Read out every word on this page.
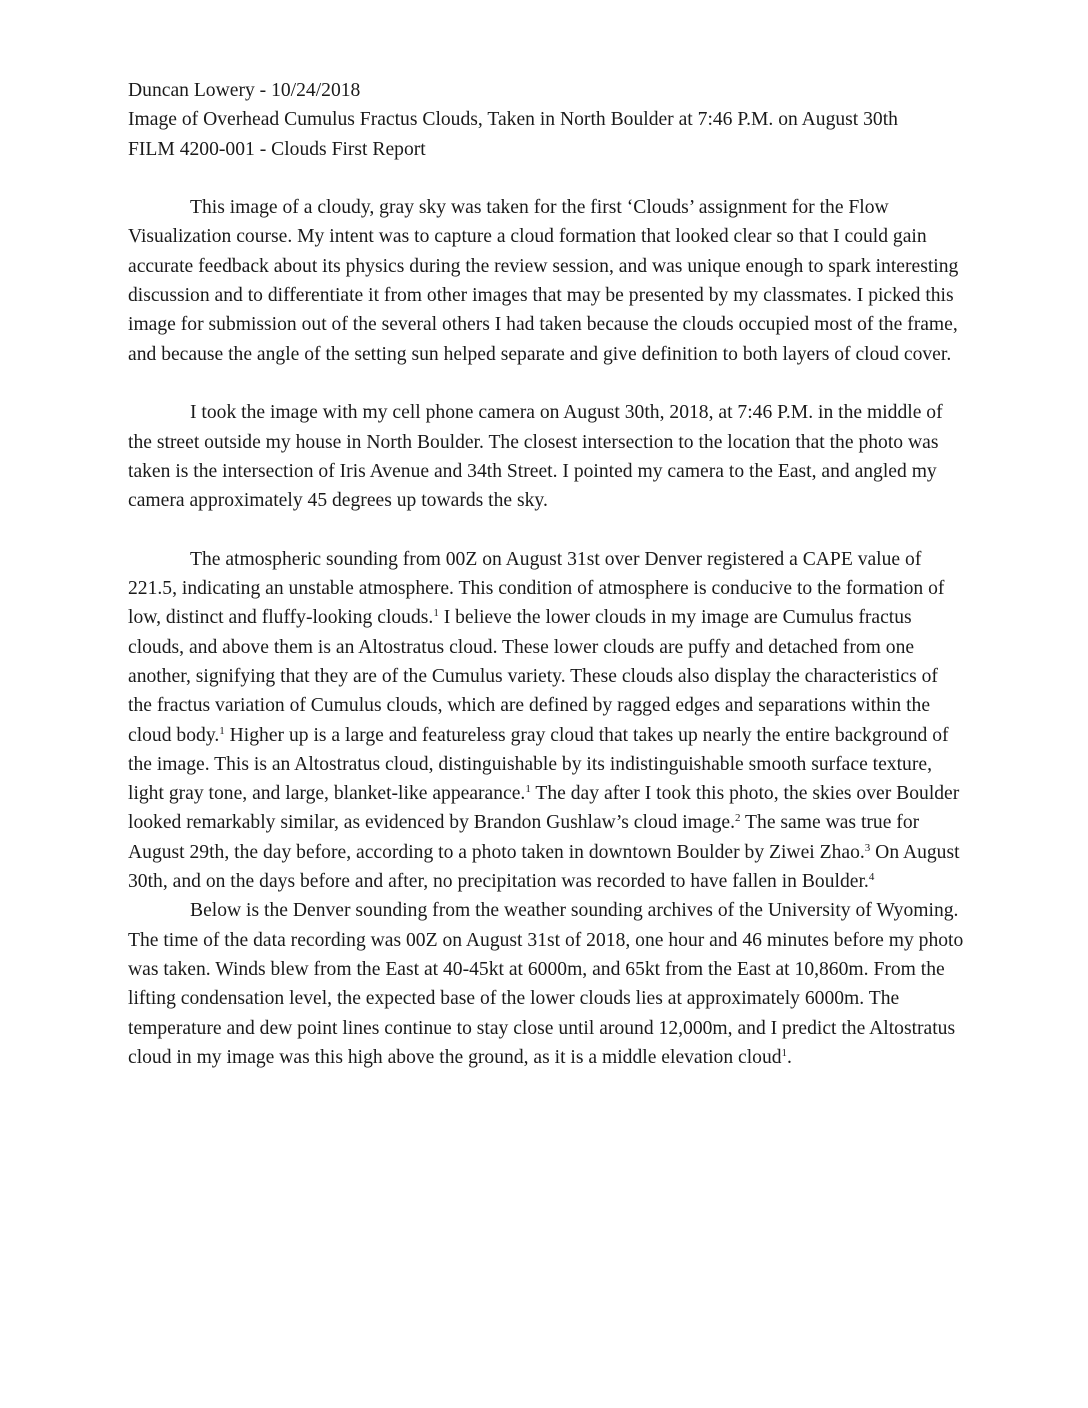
Duncan Lowery - 10/24/2018
Image of Overhead Cumulus Fractus Clouds, Taken in North Boulder at 7:46 P.M. on August 30th
FILM 4200-001 - Clouds First Report

This image of a cloudy, gray sky was taken for the first ‘Clouds’ assignment for the Flow Visualization course. My intent was to capture a cloud formation that looked clear so that I could gain accurate feedback about its physics during the review session, and was unique enough to spark interesting discussion and to differentiate it from other images that may be presented by my classmates. I picked this image for submission out of the several others I had taken because the clouds occupied most of the frame, and because the angle of the setting sun helped separate and give definition to both layers of cloud cover.

I took the image with my cell phone camera on August 30th, 2018, at 7:46 P.M. in the middle of the street outside my house in North Boulder. The closest intersection to the location that the photo was taken is the intersection of Iris Avenue and 34th Street. I pointed my camera to the East, and angled my camera approximately 45 degrees up towards the sky.

The atmospheric sounding from 00Z on August 31st over Denver registered a CAPE value of 221.5, indicating an unstable atmosphere. This condition of atmosphere is conducive to the formation of low, distinct and fluffy-looking clouds.$^1$ I believe the lower clouds in my image are Cumulus fractus clouds, and above them is an Altostratus cloud. These lower clouds are puffy and detached from one another, signifying that they are of the Cumulus variety. These clouds also display the characteristics of the fractus variation of Cumulus clouds, which are defined by ragged edges and separations within the cloud body.$^1$ Higher up is a large and featureless gray cloud that takes up nearly the entire background of the image. This is an Altostratus cloud, distinguishable by its indistinguishable smooth surface texture, light gray tone, and large, blanket-like appearance.$^1$ The day after I took this photo, the skies over Boulder looked remarkably similar, as evidenced by Brandon Gushlaw’s cloud image.$^2$ The same was true for August 29th, the day before, according to a photo taken in downtown Boulder by Ziwei Zhao.$^3$ On August 30th, and on the days before and after, no precipitation was recorded to have fallen in Boulder.$^4$

Below is the Denver sounding from the weather sounding archives of the University of Wyoming. The time of the data recording was 00Z on August 31st of 2018, one hour and 46 minutes before my photo was taken. Winds blew from the East at 40-45kt at 6000m, and 65kt from the East at 10,860m. From the lifting condensation level, the expected base of the lower clouds lies at approximately 6000m. The temperature and dew point lines continue to stay close until around 12,000m, and I predict the Altostratus cloud in my image was this high above the ground, as it is a middle elevation cloud$^1$.
